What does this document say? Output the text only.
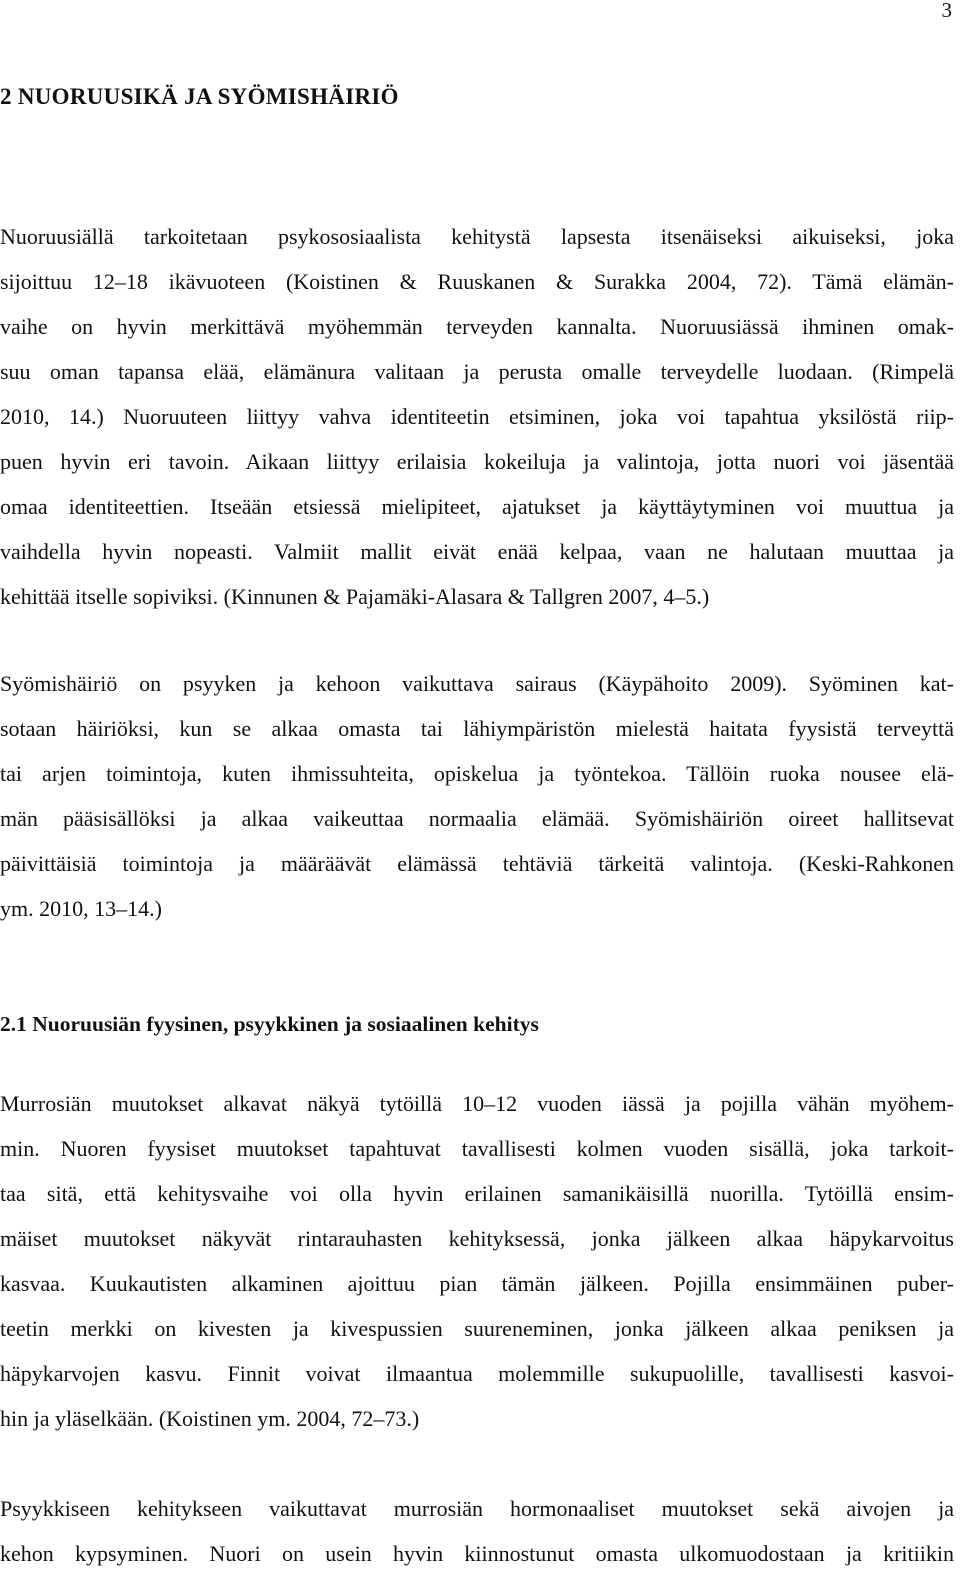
3
2 NUORUUSIKÄ JA SYÖMISHÄIRIÖ
Nuoruusiällä tarkoitetaan psykososiaalista kehitystä lapsesta itsenäiseksi aikuiseksi, joka
sijoittuu 12–18 ikävuoteen (Koistinen & Ruuskanen & Surakka 2004, 72). Tämä elämän-
vaihe on hyvin merkittävä myöhemmän terveyden kannalta. Nuoruusiässä ihminen omak-
suu oman tapansa elää, elämänura valitaan ja perusta omalle terveydelle luodaan. (Rimpelä
2010, 14.) Nuoruuteen liittyy vahva identiteetin etsiminen, joka voi tapahtua yksilöstä riip-
puen hyvin eri tavoin. Aikaan liittyy erilaisia kokeiluja ja valintoja, jotta nuori voi jäsentää
omaa identiteettien. Itseään etsiessä mielipiteet, ajatukset ja käyttäytyminen voi muuttua ja
vaihdella hyvin nopeasti. Valmiit mallit eivät enää kelpaa, vaan ne halutaan muuttaa ja
kehittää itselle sopiviksi. (Kinnunen & Pajamäki-Alasara & Tallgren 2007, 4–5.)
Syömishäiriö on psyyken ja kehoon vaikuttava sairaus (Käypähoito 2009). Syöminen kat-
sotaan häiriöksi, kun se alkaa omasta tai lähiympäristön mielestä haitata fyysistä terveyttä
tai arjen toimintoja, kuten ihmissuhteita, opiskelua ja työntekoa. Tällöin ruoka nousee elä-
män pääsisällöksi ja alkaa vaikeuttaa normaalia elämää. Syömishäiriön oireet hallitsevat
päivittäisiä toimintoja ja määräävät elämässä tehtäviä tärkeitä valintoja. (Keski-Rahkonen
ym. 2010, 13–14.)
2.1 Nuoruusiän fyysinen, psyykkinen ja sosiaalinen kehitys
Murrosiän muutokset alkavat näkyä tytöillä 10–12 vuoden iässä ja pojilla vähän myöhem-
min. Nuoren fyysiset muutokset tapahtuvat tavallisesti kolmen vuoden sisällä, joka tarkoit-
taa sitä, että kehitysvaihe voi olla hyvin erilainen samanikäisillä nuorilla. Tytöillä ensim-
mäiset muutokset näkyvät rintarauhasten kehityksessä, jonka jälkeen alkaa häpykarvoitus
kasvaa. Kuukautisten alkaminen ajoittuu pian tämän jälkeen. Pojilla ensimmäinen puber-
teetin merkki on kivesten ja kivespussien suureneminen, jonka jälkeen alkaa peniksen ja
häpykarvojen kasvu. Finnit voivat ilmaantua molemmille sukupuolille, tavallisesti kasvoi-
hin ja yläselkään. (Koistinen ym. 2004, 72–73.)
Psyykkiseen kehitykseen vaikuttavat murrosiän hormonaaliset muutokset sekä aivojen ja
kehon kypsyminen. Nuori on usein hyvin kiinnostunut omasta ulkomuodostaan ja kritiikin
